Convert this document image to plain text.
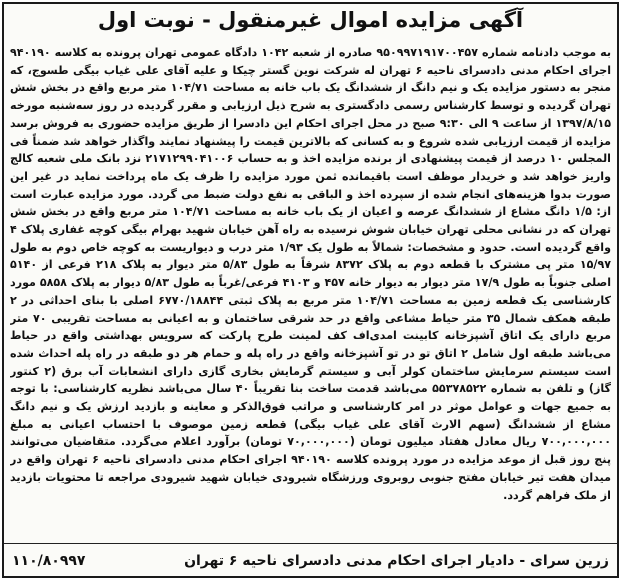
آگهی مزایده اموال غیرمنقول - نوبت اول
به موجب دادنامه شماره ۹۵۰۹۹۷۱۹۱۷۰۰۴۵۷ صادره از شعبه ۱۰۴۲ دادگاه عمومی تهران پرونده به کلاسه ۹۴۰۱۹۰ اجرای احکام مدنی دادسرای ناحیه ۶ تهران له شرکت نوین گستر چیکا و علیه آقای علی غیاب بیگی طسوج، که منجر به دستور مزایده یک و نیم دانگ از ششدانگ یک باب خانه به مساحت ۱۰۴/۷۱ متر مربع واقع در بخش شش تهران گردیده و توسط کارشناس رسمی دادگستری به شرح ذیل ارزیابی و مقرر گردیده در روز سه‌شنبه مورخه ۱۳۹۷/۸/۱۵ از ساعت ۹ الی ۹:۳۰ صبح در محل اجرای احکام این دادسرا از طریق مزایده حضوری به فروش برسد مزایده از قیمت ارزیابی شده شروع و به کسانی که بالاترین قیمت را پیشنهاد نمایند واگذار خواهد شد ضمناً فی المجلس ۱۰ درصد از قیمت پیشنهادی از برنده مزایده اخذ و به حساب ۲۱۷۱۲۹۹۰۴۱۰۰۶ نزد بانک ملی شعبه کالج واریز خواهد شد و خریدار موظف است باقیمانده ثمن مورد مزایده را ظرف یک ماه پرداخت نماید در غیر این صورت بدوا هزینه‌های انجام شده از سپرده اخذ و الباقی به نفع دولت ضبط می گردد. مورد مزایده عبارت است از: ۱/۵ دانگ مشاع از ششدانگ عرصه و اعیان از یک باب خانه به مساحت ۱۰۴/۷۱ متر مربع واقع در بخش شش تهران که در نشانی محلی تهران خیابان شوش نرسیده به راه آهن خیابان شهید بهرام بیگی کوچه غفاری پلاک ۴ واقع گردیده است. حدود و مشخصات: شمالاً به طول یک ۱/۹۳ متر درب و دیواریست به کوچه خاص دوم به طول ۱۵/۹۷ متر پی مشترک با قطعه دوم به پلاک ۸۳۷۲ شرقاً به طول ۵/۸۳ متر دیوار به پلاک ۲۱۸ فرعی از ۵۱۴۰ اصلی جنوباً به طول ۱۷/۹ متر دیوار به دیوار خانه ۴۵۷ و ۴۱۰۳ فرعی/غرباً به طول ۵/۸۳ دیوار به پلاک ۵۸۵۸ مورد کارشناسی یک قطعه زمین به مساحت ۱۰۴/۷۱ متر مربع به پلاک ثبتی ۶۷۷۰/۱۸۸۴۴ اصلی با بنای احداثی در ۲ طبقه همکف شمال ۳۵ متر حیاط مشاعی واقع در حد شرقی ساختمان و به اعیانی به مساحت تقریبی ۷۰ متر مربع دارای یک اتاق آشپزخانه کابینت امدی‌اف کف لمینت طرح پارکت که سرویس بهداشتی واقع در حیاط می‌باشد طبقه اول شامل ۲ اتاق تو در تو آشپزخانه واقع در راه پله و حمام هر دو طبقه در راه پله احداث شده است سیستم سرمایش ساختمان کولر آبی و سیستم گرمایش بخاری گازی دارای انشعابات آب برق (۲ کنتور گاز) و تلفن به شماره ۵۵۳۷۸۵۲۲ می‌باشد قدمت ساخت بنا تقریباً ۴۰ سال می‌باشد نظریه کارشناسی: با توجه به جمیع جهات و عوامل موثر در امر کارشناسی و مراتب فوق‌الذکر و معاینه و بازدید ارزش یک و نیم دانگ مشاع از ششدانگ (سهم الارث آقای علی غیاب بیگی) قطعه زمین موصوف با احتساب اعیانی به مبلغ ۷۰۰,۰۰۰,۰۰۰ ریال معادل هفتاد میلیون تومان (۷۰,۰۰۰,۰۰۰ تومان) برآورد اعلام می‌گردد. متقاضیان می‌توانند پنج روز قبل از موعد مزایده در مورد پرونده کلاسه ۹۴۰۱۹۰ اجرای احکام مدنی دادسرای ناحیه ۶ تهران واقع در میدان هفت تیر خیابان مفتح جنوبی روبروی ورزشگاه شیرودی خیابان شهید شیرودی مراجعه تا محتویات بازدید از ملک فراهم گردد.
زرین سرای - دادیار اجرای احکام مدنی دادسرای ناحیه ۶ تهران
۱۱۰/۸۰۹۹۷
